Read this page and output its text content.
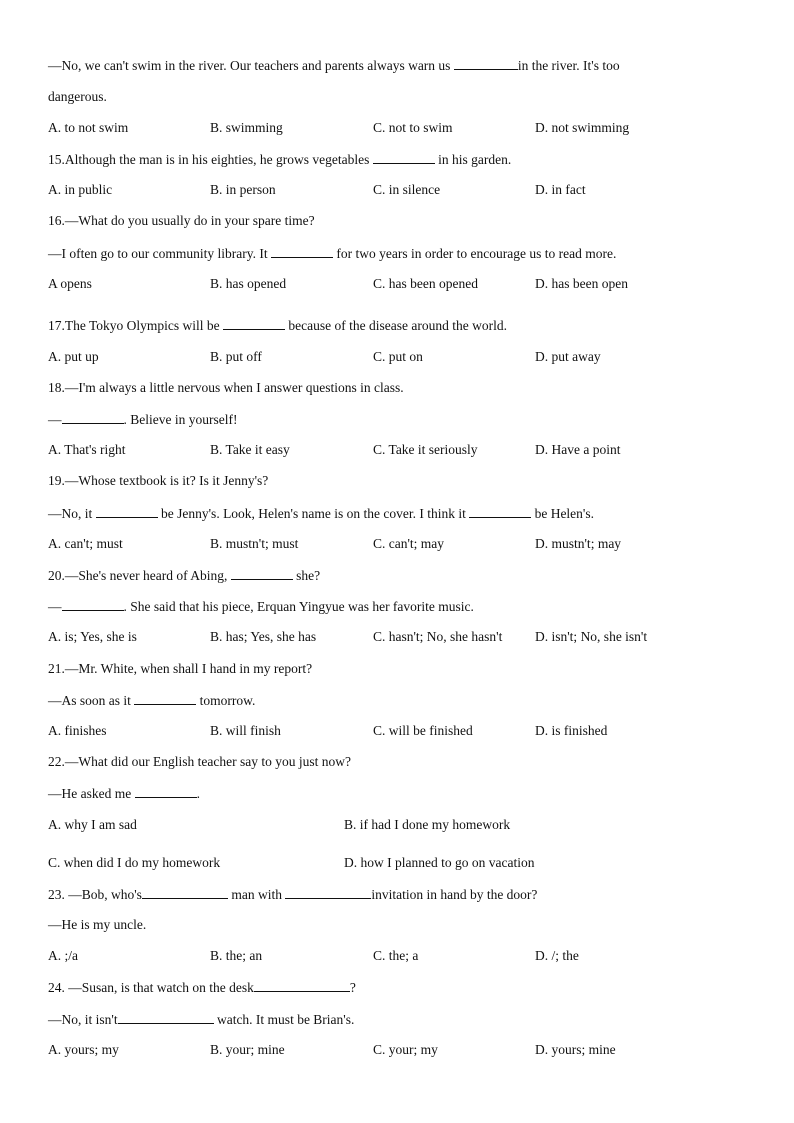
—No, we can't swim in the river. Our teachers and parents always warn us	in the river. It's too
dangerous.
A. to not swim	B. swimming	C. not to swim	D. not swimming
15.Although the man is in his eighties, he grows vegetables	in his garden.
A. in public	B. in person	C. in silence	D. in fact
16.—What do you usually do in your spare time?
—I often go to our community library. It	for two years in order to encourage us to read more.
A opens	B. has opened	C. has been opened	D. has been open
17.The Tokyo Olympics will be	because of the disease around the world.
A. put up	B. put off	C. put on	D. put away
18.—I'm always a little nervous when I answer questions in class.
—	. Believe in yourself!
A. That's right	B. Take it easy	C. Take it seriously	D. Have a point
19.—Whose textbook is it? Is it Jenny's?
—No, it	be Jenny's. Look, Helen's name is on the cover. I think it	be Helen's.
A. can't; must	B. mustn't; must	C. can't; may	D. mustn't; may
20.—She's never heard of Abing,	she?
—	. She said that his piece, Erquan Yingyue was her favorite music.
A. is; Yes, she is	B. has; Yes, she has	C. hasn't; No, she hasn't D. isn't; No, she isn't
21.—Mr. White, when shall I hand in my report?
—As soon as it	tomorrow.
A. finishes	B. will finish	C. will be finished	D. is finished
22.—What did our English teacher say to you just now?
—He asked me	.
A. why I am sad	B. if had I done my homework
C. when did I do my homework	D. how I planned to go on vacation
23. —Bob, who's	man with	invitation in hand by the door?
—He is my uncle.
A. ;/a	B. the; an	C. the; a	D. /; the
24. —Susan, is that watch on the desk	?
—No, it isn't	watch. It must be Brian's.
A. yours; my	B. your; mine	C. your; my	D. yours; mine
